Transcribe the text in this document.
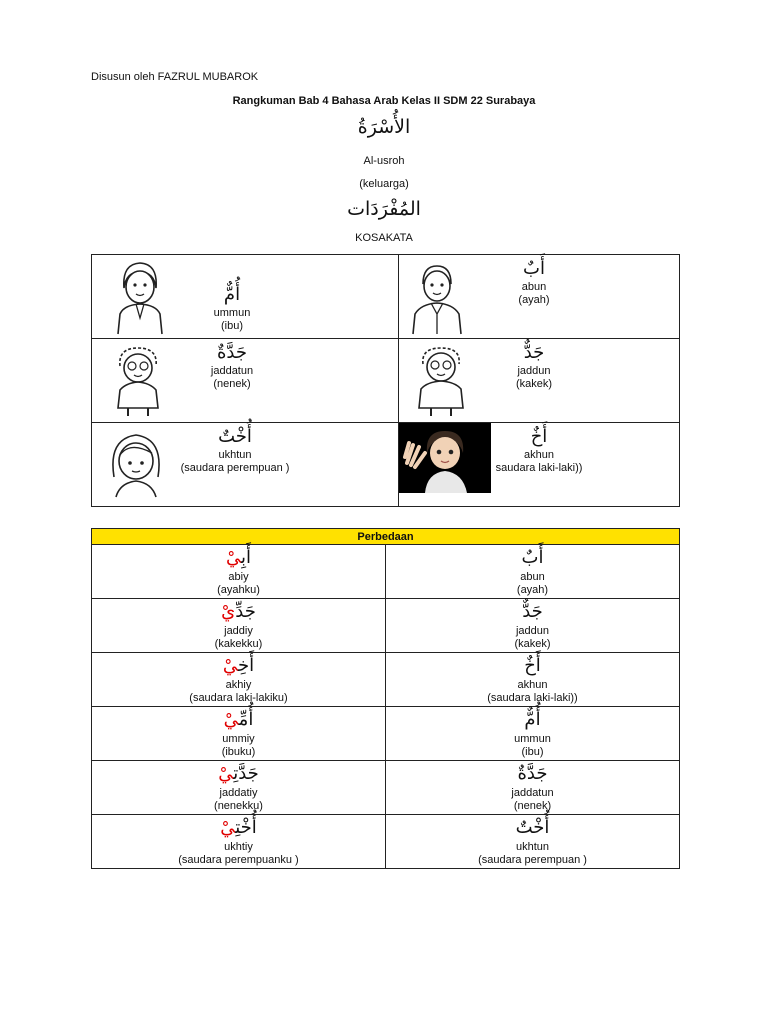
Disusun oleh FAZRUL MUBAROK
Rangkuman Bab 4 Bahasa Arab Kelas II SDM 22 Surabaya
الأُسْرَةُ
Al-usroh
(keluarga)
المُفْرَدَات
KOSAKATA
أُمٌّ
ummun
(ibu)	أَبٌ
abun
(ayah)

جَدَّةٌ
jaddatun
(nenek)	جَدٌّ
jaddun
(kakek)

أُخْتٌ
ukhtun
(saudara perempuan )	أَخٌ
akhun
saudara laki-laki))
Perbedaan	

أَبِيْ
abiy
(ayahku)	أَبٌ
abun
(ayah)

جَدِّيْ
jaddiy
(kakekku)	جَدٌّ
jaddun
(kakek)

أَخِيْ
akhiy
(saudara laki-lakiku)	أَخٌ
akhun
(saudara laki-laki))

أُمِّيْ
ummiy
(ibuku)	أُمٌّ
ummun
(ibu)

جَدَّتِيْ
jaddatiy
(nenekku)	جَدَّةٌ
jaddatun
(nenek)

أُخْتِيْ
ukhtiy
(saudara perempuanku )	أُخْتٌ
ukhtun
(saudara perempuan )
